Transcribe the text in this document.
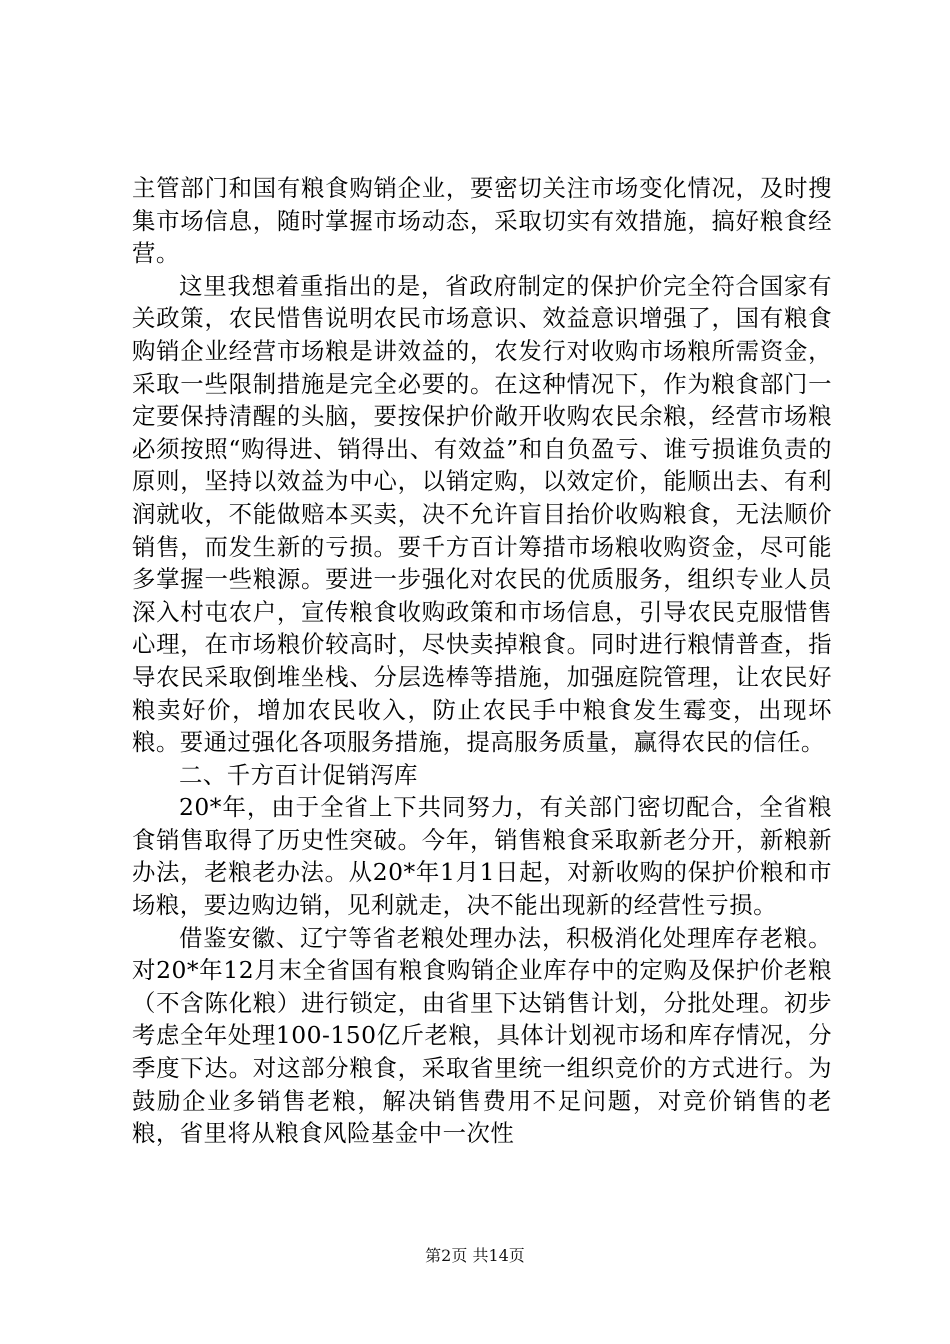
主管部门和国有粮食购销企业，要密切关注市场变化情况，及时搜集市场信息，随时掌握市场动态，采取切实有效措施，搞好粮食经营。

这里我想着重指出的是，省政府制定的保护价完全符合国家有关政策，农民惜售说明农民市场意识、效益意识增强了，国有粮食购销企业经营市场粮是讲效益的，农发行对收购市场粮所需资金，采取一些限制措施是完全必要的。在这种情况下，作为粮食部门一定要保持清醒的头脑，要按保护价敞开收购农民余粮，经营市场粮必须按照“购得进、销得出、有效益”和自负盈亏、谁亏损谁负责的原则，坚持以效益为中心，以销定购，以效定价，能顺出去、有利润就收，不能做赔本买卖，决不允许盲目抬价收购粮食，无法顺价销售，而发生新的亏损。要千方百计筹措市场粮收购资金，尽可能多掌握一些粮源。要进一步强化对农民的优质服务，组织专业人员深入村屯农户，宣传粮食收购政策和市场信息，引导农民克服惜售心理，在市场粮价较高时，尽快卖掉粮食。同时进行粮情普查，指导农民采取倒堆坐栈、分层选棒等措施，加强庭院管理，让农民好粮卖好价，增加农民收入，防止农民手中粮食发生霉变，出现坏粮。要通过强化各项服务措施，提高服务质量，赢得农民的信任。

二、千方百计促销泻库

20*年，由于全省上下共同努力，有关部门密切配合，全省粮食销售取得了历史性突破。今年，销售粮食采取新老分开，新粮新办法，老粮老办法。从20*年1月1日起，对新收购的保护价粮和市场粮，要边购边销，见利就走，决不能出现新的经营性亏损。

借鉴安徽、辽宁等省老粮处理办法，积极消化处理库存老粮。对20*年12月末全省国有粮食购销企业库存中的定购及保护价老粮（不含陈化粮）进行锁定，由省里下达销售计划，分批处理。初步考虑全年处理100-150亿斤老粮，具体计划视市场和库存情况，分季度下达。对这部分粮食，采取省里统一组织竞价的方式进行。为鼓励企业多销售老粮，解决销售费用不足问题，对竞价销售的老粮，省里将从粮食风险基金中一次性

第2页 共14页
